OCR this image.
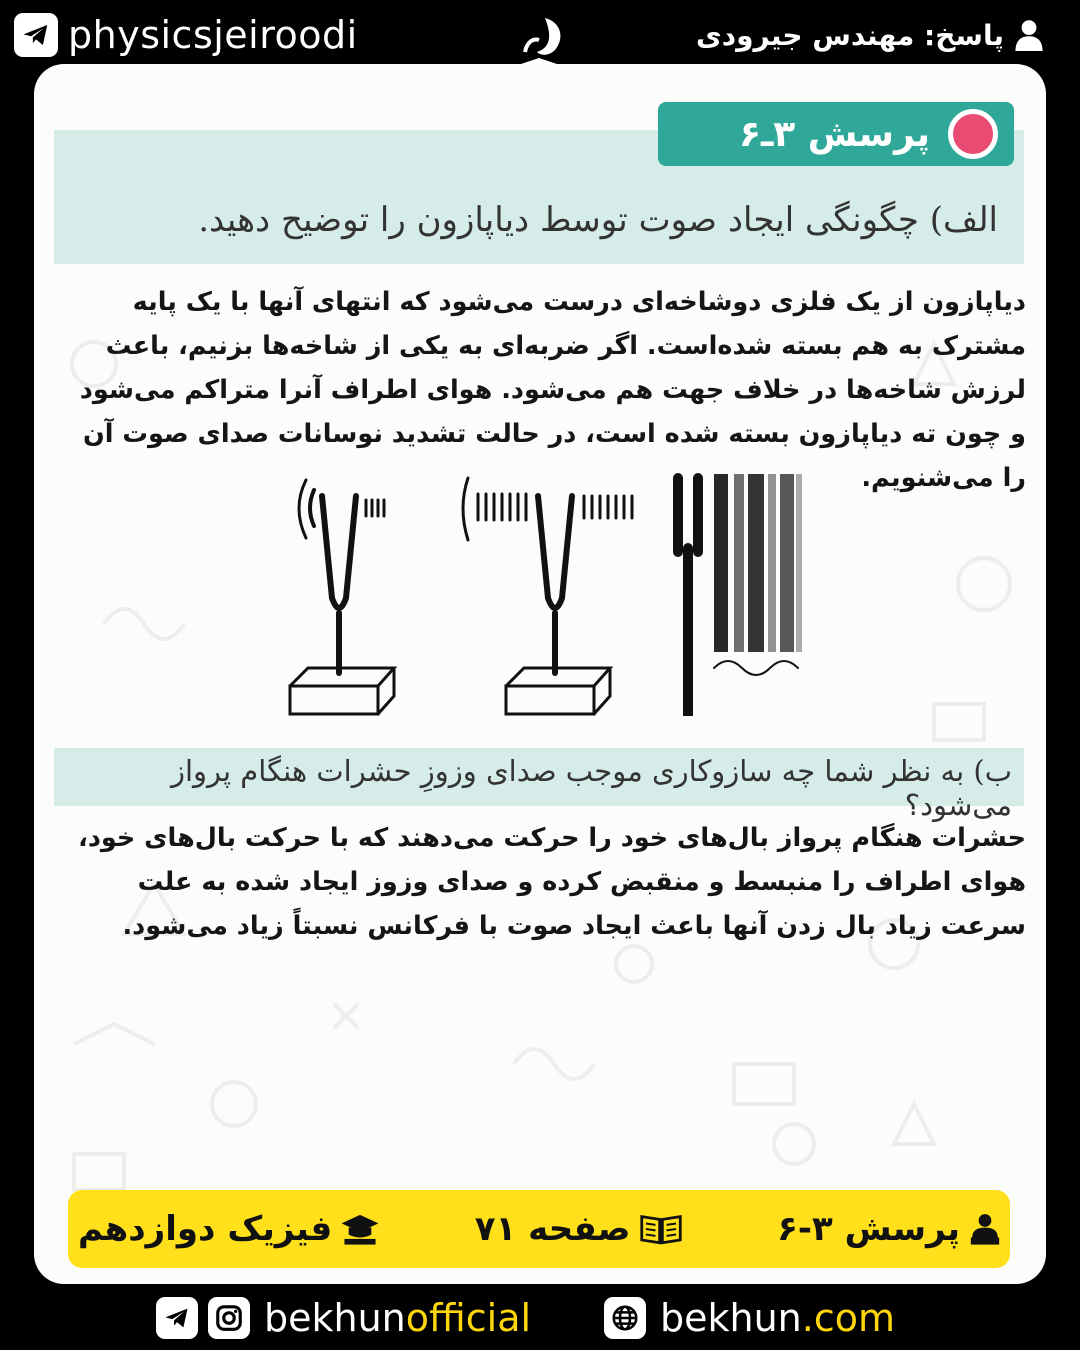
physicsjeiroodi	پاسخ: مهندس جیرودی
الف) چگونگی ایجاد صوت توسط دیاپازون را توضیح دهید.
پرسش ۳ـ۶
دیاپازون از یک فلزی دوشاخه‌ای درست می‌شود که انتهای آنها با یک پایه مشترک به هم بسته شده‌است. اگر ضربه‌ای به یکی از شاخه‌ها بزنیم، باعث لرزش شاخه‌ها در خلاف جهت هم می‌شود. هوای اطراف آنرا متراکم می‌شود و چون ته دیاپازون بسته شده است، در حالت تشدید نوسانات صدای صوت آن را می‌شنویم.
ب) به نظر شما چه سازوکاری موجب صدای وزوزِ حشرات هنگام پرواز می‌شود؟
حشرات هنگام پرواز بال‌های خود را حرکت می‌دهند که با حرکت بال‌های خود، هوای اطراف را منبسط و منقبض کرده و صدای وزوز ایجاد شده به علت سرعت زیاد بال زدن آنها باعث ایجاد صوت با فرکانس نسبتاً زیاد می‌شود.
پرسش ۳-۶
صفحه ۷۱
فیزیک دوازدهم
bekhunofficial	bekhun.com
